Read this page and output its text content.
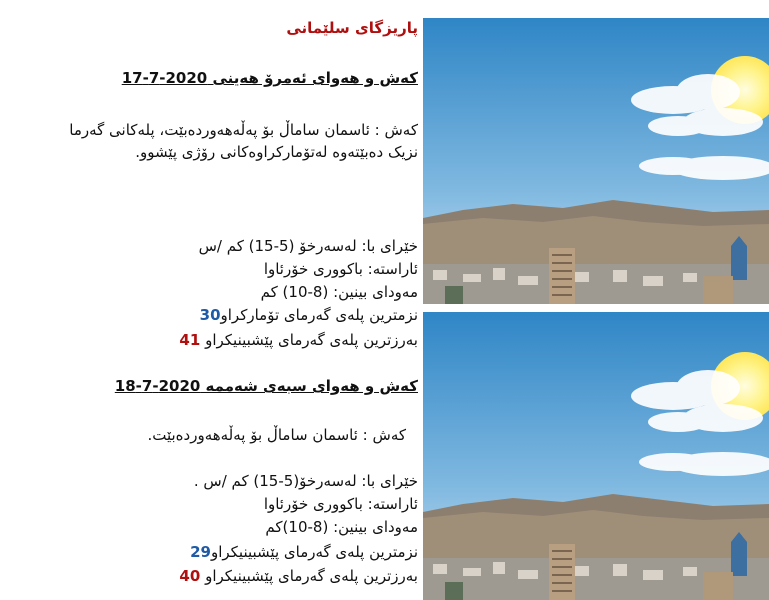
پاریزگای سلێمانی
کەش و هەوای ئەمرۆ هەینی 2020-7-17
کەش : ئاسمان ساماڵ بۆ پەڵەهەوردەبێت، پلەکانی گەرما
نزیک دەبێتەوە لەتۆمارکراوەکانی رۆژی پێشوو.
خێرای با: لەسەرخۆ (5-15) کم /س
ئاراستە: باکووری خۆرئاوا
مەودای بینین: (8-10) کم
نزمترین پلەی گەرمای تۆمارکراو30
بەرزترین پلەی گەرمای پێشبینیکراو 41
کەش و هەوای سبەی شەممە 2020-7-18
کەش : ئاسمان ساماڵ بۆ پەڵەهەوردەبێت.
خێرای با: لەسەرخۆ(5-15) کم /س .
ئاراستە: باکووری خۆرئاوا
مەودای بینین: (8-10)کم
نزمترین پلەی گەرمای پێشبینیکراو29
بەرزترین پلەی گەرمای پێشبینیکراو 40
